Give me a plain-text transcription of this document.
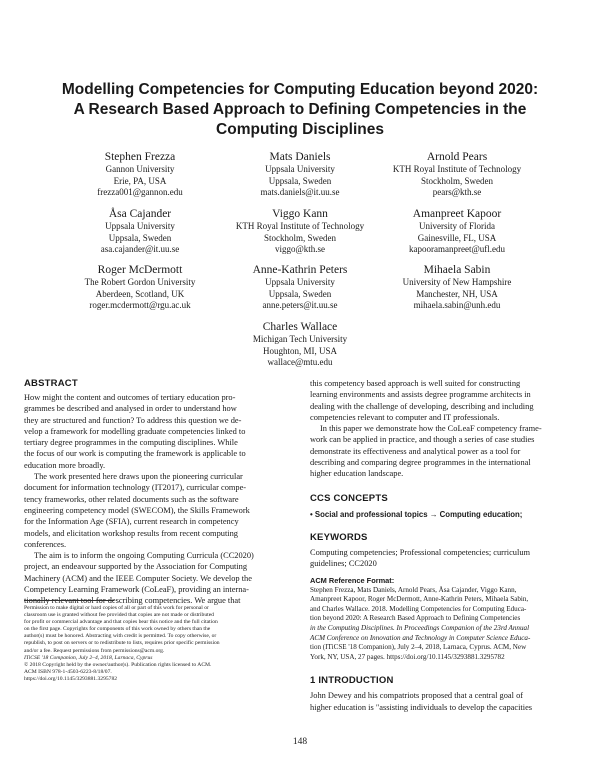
Modelling Competencies for Computing Education beyond 2020:
A Research Based Approach to Defining Competencies in the
Computing Disciplines
Stephen Frezza
Gannon University
Erie, PA, USA
frezza001@gannon.edu
Mats Daniels
Uppsala University
Uppsala, Sweden
mats.daniels@it.uu.se
Arnold Pears
KTH Royal Institute of Technology
Stockholm, Sweden
pears@kth.se
Åsa Cajander
Uppsala University
Uppsala, Sweden
asa.cajander@it.uu.se
Viggo Kann
KTH Royal Institute of Technology
Stockholm, Sweden
viggo@kth.se
Amanpreet Kapoor
University of Florida
Gainesville, FL, USA
kapooramanpreet@ufl.edu
Roger McDermott
The Robert Gordon University
Aberdeen, Scotland, UK
roger.mcdermott@rgu.ac.uk
Anne-Kathrin Peters
Uppsala University
Uppsala, Sweden
anne.peters@it.uu.se
Mihaela Sabin
University of New Hampshire
Manchester, NH, USA
mihaela.sabin@unh.edu
Charles Wallace
Michigan Tech University
Houghton, MI, USA
wallace@mtu.edu
ABSTRACT
How might the content and outcomes of tertiary education pro-
grammes be described and analysed in order to understand how
they are structured and function? To address this question we de-
velop a framework for modelling graduate competencies linked to
tertiary degree programmes in the computing disciplines. While
the focus of our work is computing the framework is applicable to
education more broadly.
The work presented here draws upon the pioneering curricular
document for information technology (IT2017), curricular compe-
tency frameworks, other related documents such as the software
engineering competency model (SWECOM), the Skills Framework
for the Information Age (SFIA), current research in competency
models, and elicitation workshop results from recent computing
conferences.
The aim is to inform the ongoing Computing Curricula (CC2020)
project, an endeavour supported by the Association for Computing
Machinery (ACM) and the IEEE Computer Society. We develop the
Competency Learning Framework (CoLeaF), providing an interna-
tionally relevant tool for describing competencies. We argue that
Permission to make digital or hard copies of all or part of this work for personal or
classroom use is granted without fee provided that copies are not made or distributed
for profit or commercial advantage and that copies bear this notice and the full citation
on the first page. Copyrights for components of this work owned by others than the
author(s) must be honored. Abstracting with credit is permitted. To copy otherwise, or
republish, to post on servers or to redistribute to lists, requires prior specific permission
and/or a fee. Request permissions from permissions@acm.org.
ITiCSE '18 Companion, July 2–4, 2018, Larnaca, Cyprus
© 2018 Copyright held by the owner/author(s). Publication rights licensed to ACM.
ACM ISBN 978-1-4503-6223-8/18/07.
https://doi.org/10.1145/3293881.3295782
this competency based approach is well suited for constructing
learning environments and assists degree programme architects in
dealing with the challenge of developing, describing and including
competencies relevant to computer and IT professionals.
In this paper we demonstrate how the CoLeaF competency frame-
work can be applied in practice, and though a series of case studies
demonstrate its effectiveness and analytical power as a tool for
describing and comparing degree programmes in the international
higher education landscape.
CCS CONCEPTS
• Social and professional topics → Computing education;
KEYWORDS
Computing competencies; Professional competencies; curriculum
guidelines; CC2020
ACM Reference Format:
Stephen Frezza, Mats Daniels, Arnold Pears, Åsa Cajander, Viggo Kann,
Amanpreet Kapoor, Roger McDermott, Anne-Kathrin Peters, Mihaela Sabin,
and Charles Wallace. 2018. Modelling Competencies for Computing Educa-
tion beyond 2020: A Research Based Approach to Defining Competencies
in the Computing Disciplines. In Proceedings Companion of the 23rd Annual
ACM Conference on Innovation and Technology in Computer Science Educa-
tion (ITiCSE '18 Companion), July 2–4, 2018, Larnaca, Cyprus. ACM, New
York, NY, USA, 27 pages. https://doi.org/10.1145/3293881.3295782
1 INTRODUCTION
John Dewey and his compatriots proposed that a central goal of
higher education is "assisting individuals to develop the capacities
148
